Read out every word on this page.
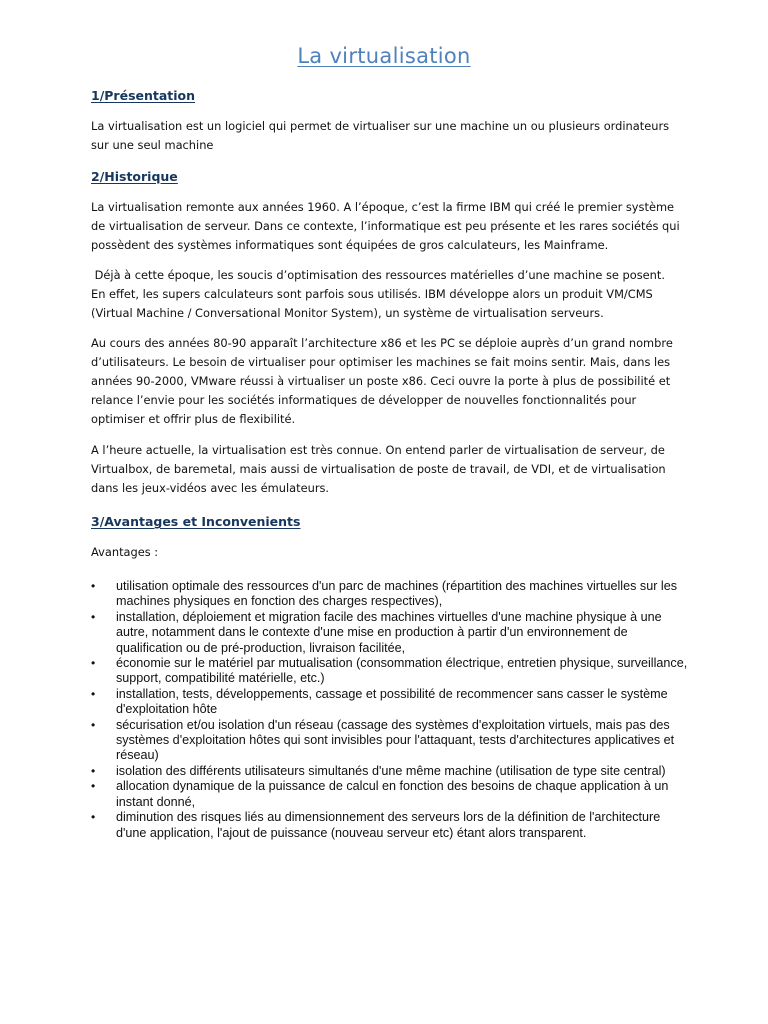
La virtualisation
1/Présentation
La virtualisation est un logiciel qui permet de virtualiser sur une machine un ou plusieurs ordinateurs sur une seul machine
2/Historique
La virtualisation remonte aux années 1960. A l’époque, c’est la firme IBM qui créé le premier système de virtualisation de serveur. Dans ce contexte, l’informatique est peu présente et les rares sociétés qui possèdent des systèmes informatiques sont équipées de gros calculateurs, les Mainframe.
Déjà à cette époque, les soucis d’optimisation des ressources matérielles d’une machine se posent. En effet, les supers calculateurs sont parfois sous utilisés. IBM développe alors un produit VM/CMS (Virtual Machine / Conversational Monitor System), un système de virtualisation serveurs.
Au cours des années 80-90 apparaît l’architecture x86 et les PC se déploie auprès d’un grand nombre d’utilisateurs. Le besoin de virtualiser pour optimiser les machines se fait moins sentir. Mais, dans les années 90-2000, VMware réussi à virtualiser un poste x86. Ceci ouvre la porte à plus de possibilité et relance l’envie pour les sociétés informatiques de développer de nouvelles fonctionnalités pour optimiser et offrir plus de flexibilité.
A l’heure actuelle, la virtualisation est très connue. On entend parler de virtualisation de serveur, de Virtualbox, de baremetal, mais aussi de virtualisation de poste de travail, de VDI, et de virtualisation dans les jeux-vidéos avec les émulateurs.
3/Avantages et Inconvenients
Avantages :
• utilisation optimale des ressources d'un parc de machines (répartition des machines virtuelles sur les machines physiques en fonction des charges respectives),
• installation, déploiement et migration facile des machines virtuelles d'une machine physique à une autre, notamment dans le contexte d'une mise en production à partir d'un environnement de qualification ou de pré-production, livraison facilitée,
• économie sur le matériel par mutualisation (consommation électrique, entretien physique, surveillance, support, compatibilité matérielle, etc.)
• installation, tests, développements, cassage et possibilité de recommencer sans casser le système d'exploitation hôte
• sécurisation et/ou isolation d'un réseau (cassage des systèmes d'exploitation virtuels, mais pas des systèmes d'exploitation hôtes qui sont invisibles pour l'attaquant, tests d'architectures applicatives et réseau)
• isolation des différents utilisateurs simultanés d'une même machine (utilisation de type site central)
• allocation dynamique de la puissance de calcul en fonction des besoins de chaque application à un instant donné,
• diminution des risques liés au dimensionnement des serveurs lors de la définition de l'architecture d'une application, l'ajout de puissance (nouveau serveur etc) étant alors transparent.
